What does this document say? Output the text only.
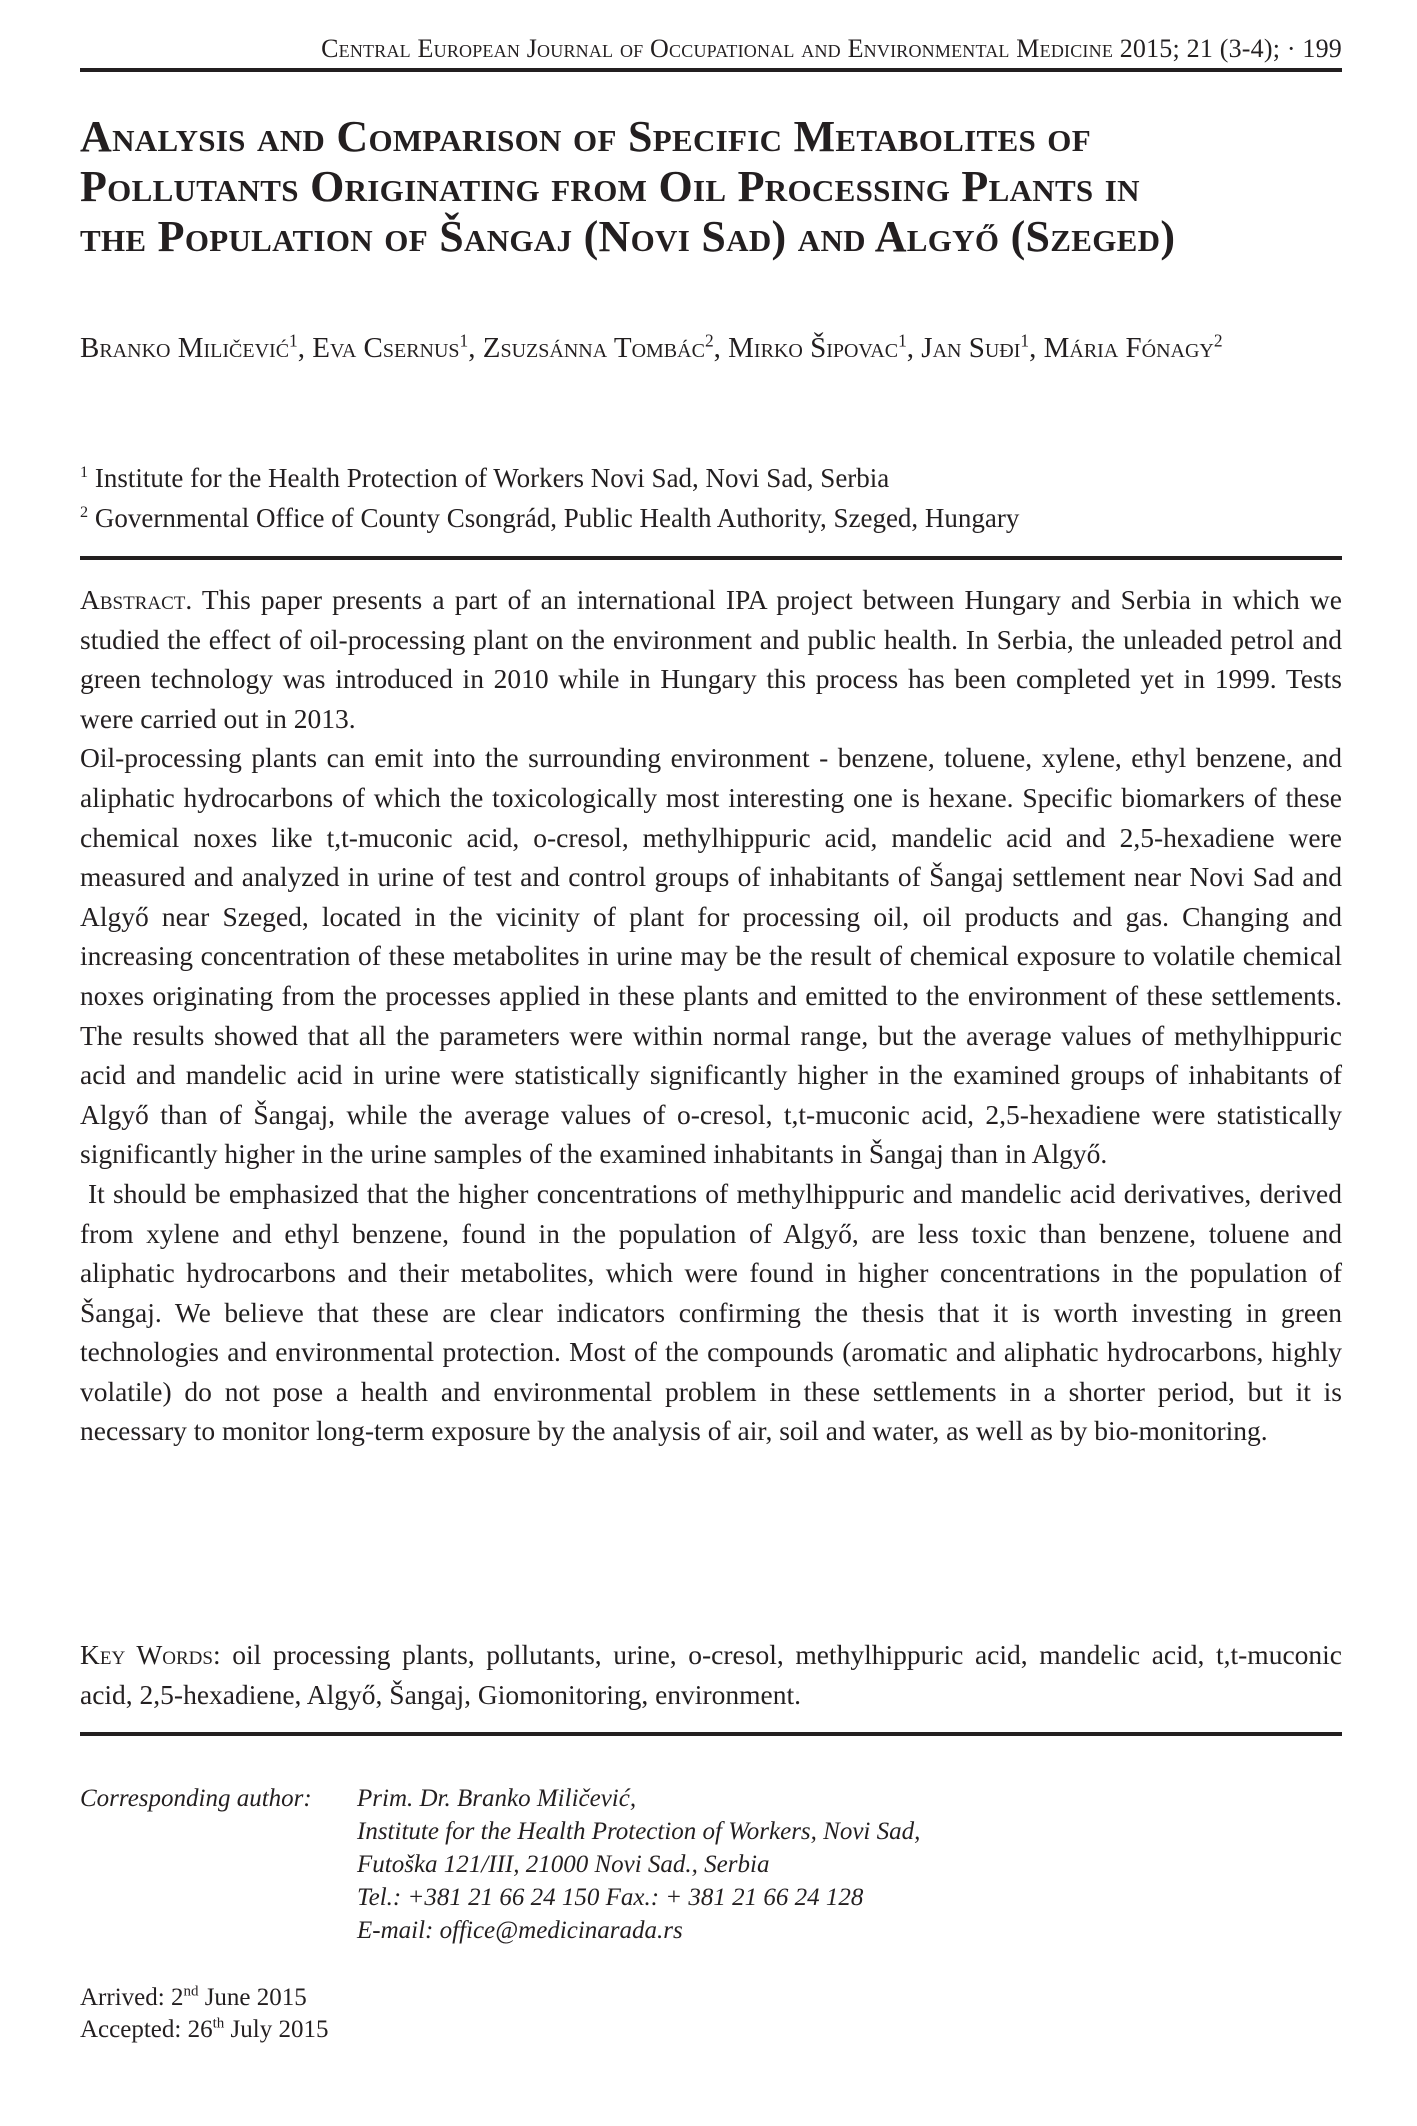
Central European Journal of Occupational and Environmental Medicine 2015; 21 (3-4); · 199
Analysis and Comparison of Specific Metabolites of
Pollutants Originating from Oil Processing Plants in
the Population of Šangaj (Novi Sad) and Algyő (Szeged)
Branko Miličević$^1$, Eva Csernus$^1$, Zsuzsánna Tombác$^2$, Mirko Šipovac$^1$, Jan Suđi$^1$, Mária Fónagy$^2$
$^1$ Institute for the Health Protection of Workers Novi Sad, Novi Sad, Serbia
$^2$ Governmental Office of County Csongrád, Public Health Authority, Szeged, Hungary

Abstract. This paper presents a part of an international IPA project between Hungary and Serbia in which we studied the effect of oil-processing plant on the environment and public health. In Serbia, the unleaded petrol and green technology was introduced in 2010 while in Hungary this process has been completed yet in 1999. Tests were carried out in 2013.

Oil-processing plants can emit into the surrounding environment - benzene, toluene, xylene, ethyl benzene, and aliphatic hydrocarbons of which the toxicologically most interesting one is hexane. Specific biomarkers of these chemical noxes like t,t-muconic acid, o-cresol, methylhippuric acid, mandelic acid and 2,5-hexadiene were measured and analyzed in urine of test and control groups of inhabitants of Šangaj settlement near Novi Sad and Algyő near Szeged, located in the vicinity of plant for processing oil, oil products and gas. Changing and increasing concentration of these metabolites in urine may be the result of chemical exposure to volatile chemical noxes originating from the processes applied in these plants and emitted to the environment of these settlements. The results showed that all the parameters were within normal range, but the average values of methylhippuric acid and mandelic acid in urine were statistically significantly higher in the examined groups of inhabitants of Algyő than of Šangaj, while the average values of o-cresol, t,t-muconic acid, 2,5-hexadiene were statistically significantly higher in the urine samples of the examined inhabitants in Šangaj than in Algyő.

It should be emphasized that the higher concentrations of methylhippuric and mandelic acid derivatives, derived from xylene and ethyl benzene, found in the population of Algyő, are less toxic than benzene, toluene and aliphatic hydrocarbons and their metabolites, which were found in higher concentrations in the population of Šangaj. We believe that these are clear indicators confirming the thesis that it is worth investing in green technologies and environmental protection. Most of the compounds (aromatic and aliphatic hydrocarbons, highly volatile) do not pose a health and environmental problem in these settlements in a shorter period, but it is necessary to monitor long-term exposure by the analysis of air, soil and water, as well as by bio-monitoring.

Key Words: oil processing plants, pollutants, urine, o-cresol, methylhippuric acid, mandelic acid, t,t-muconic acid, 2,5-hexadiene, Algyő, Šangaj, Giomonitoring, environment.
Corresponding author: Prim. Dr. Branko Miličević,
Institute for the Health Protection of Workers, Novi Sad,
Futoška 121/III, 21000 Novi Sad., Serbia
Tel.: +381 21 66 24 150 Fax.: + 381 21 66 24 128
E-mail: office@medicinarada.rs
Arrived: 2nd June 2015
Accepted: 26th July 2015
